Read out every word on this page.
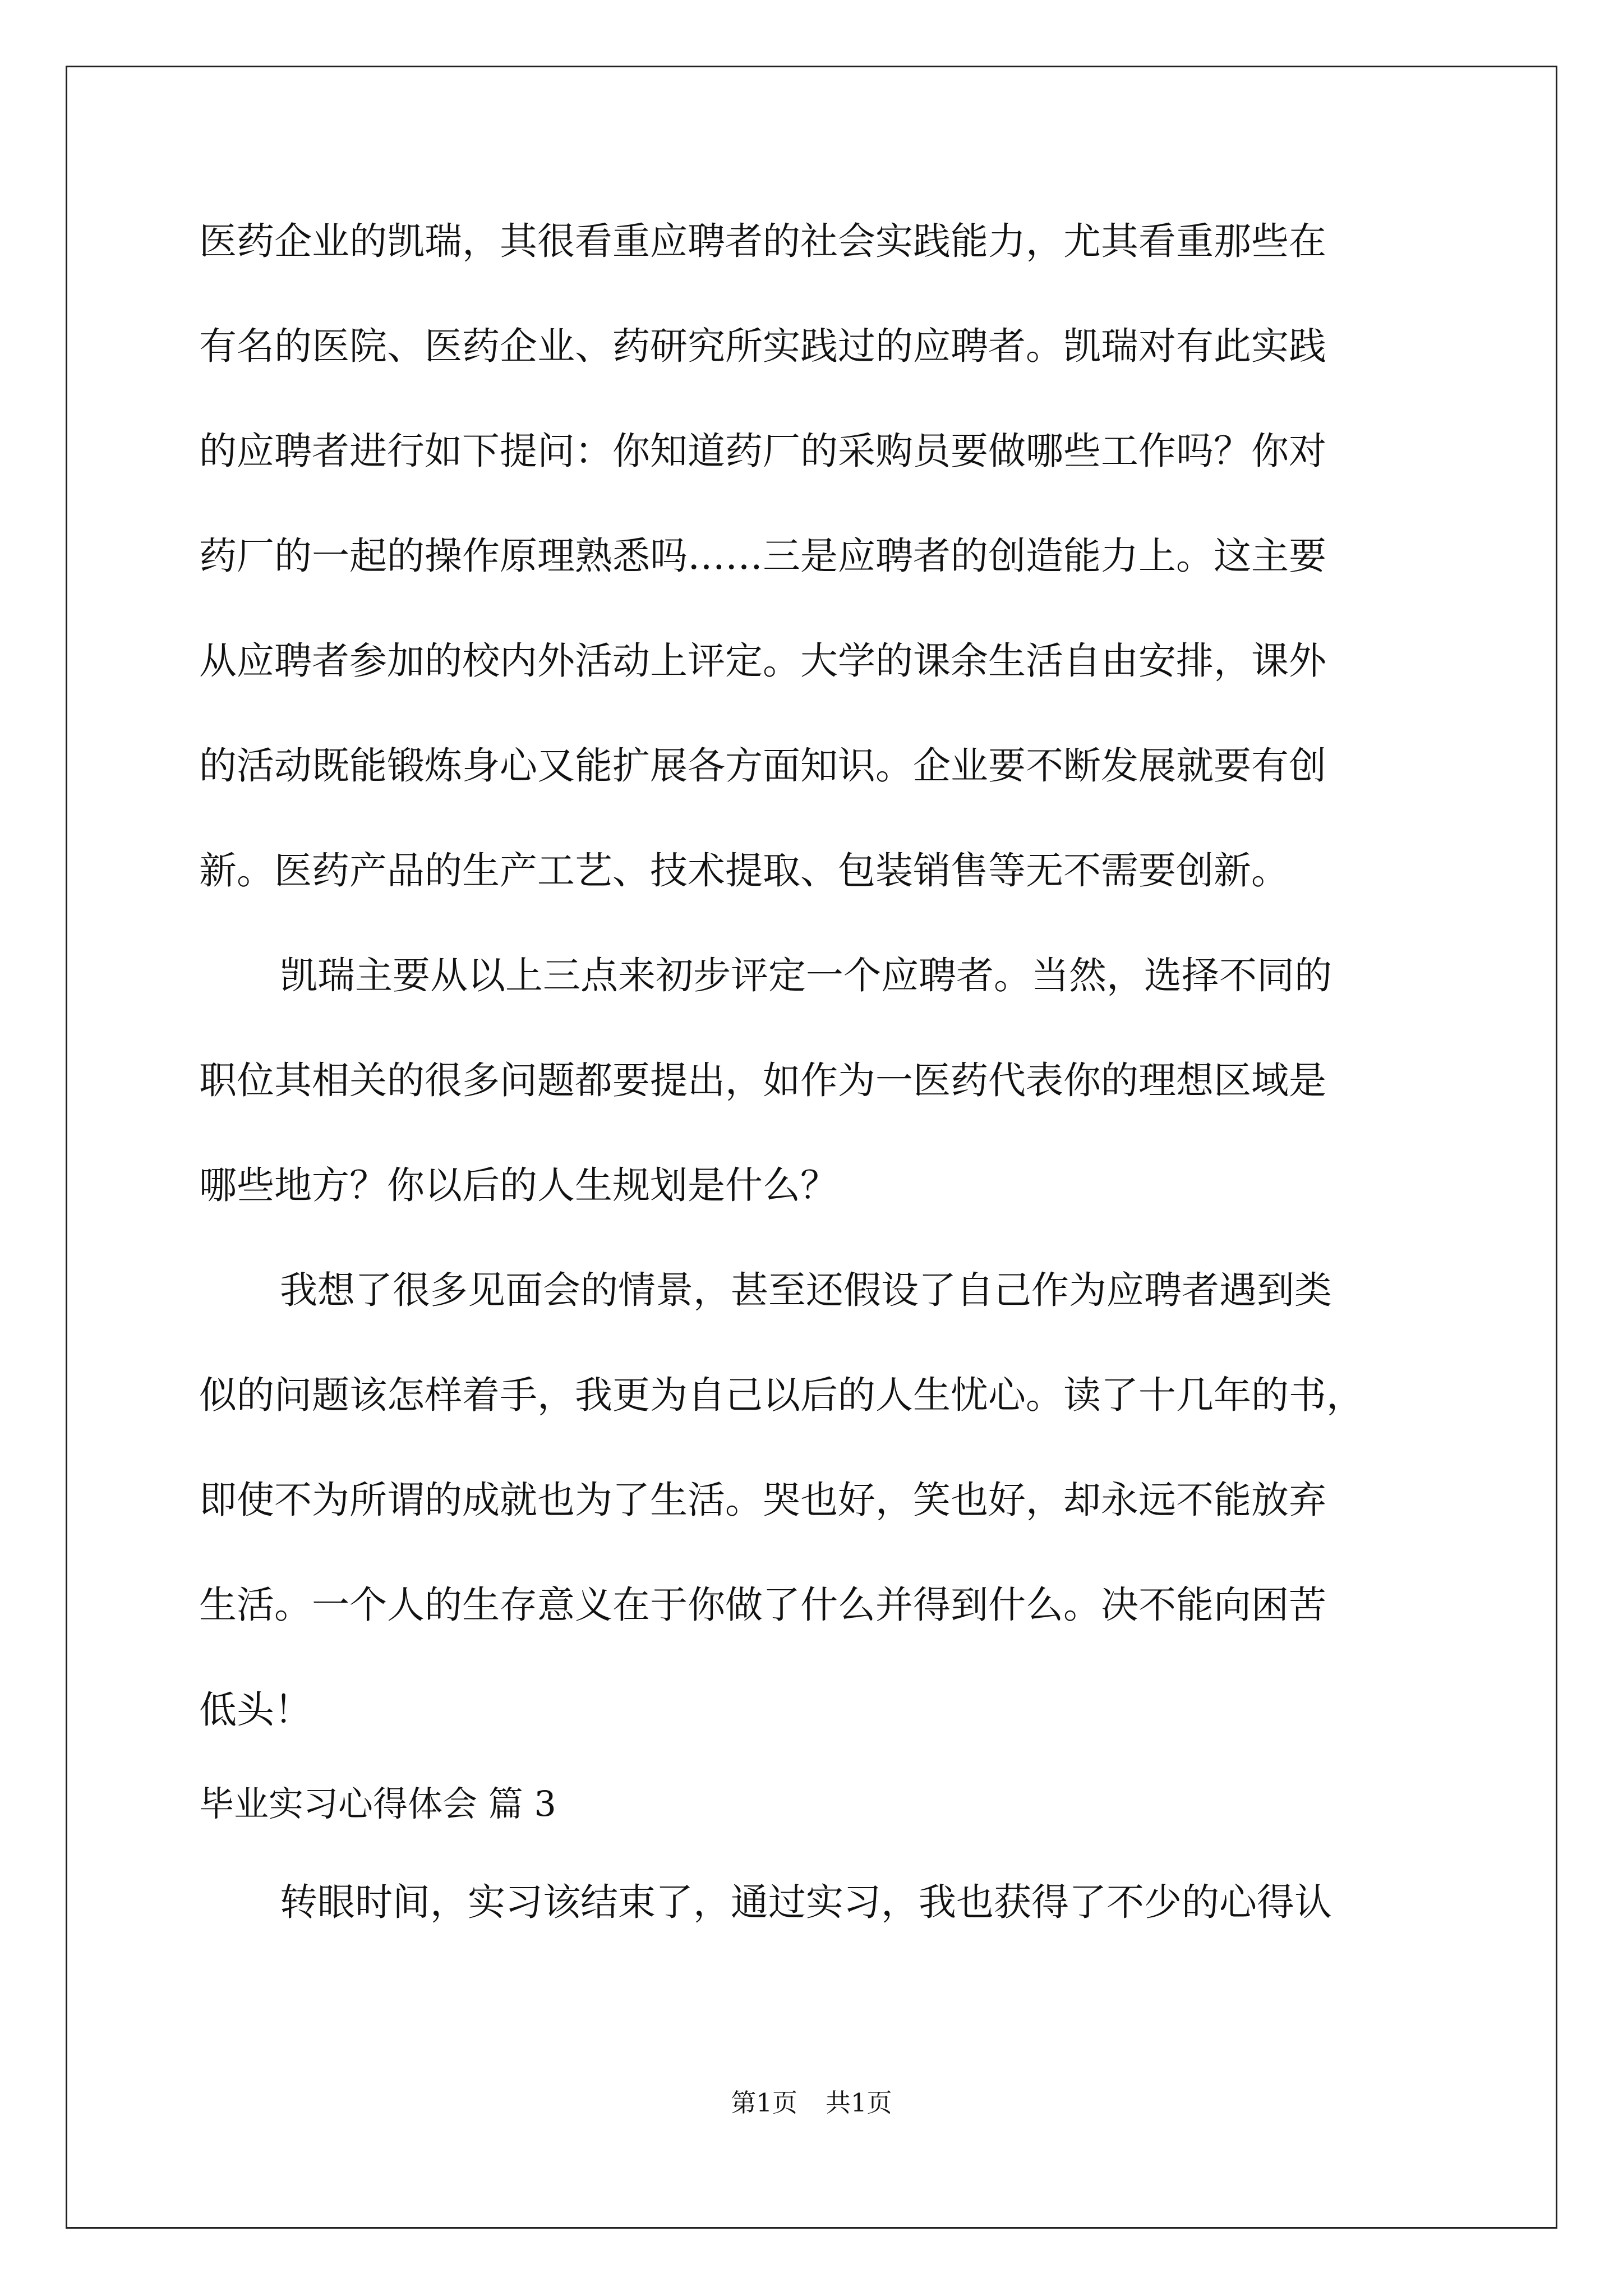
医药企业的凯瑞，其很看重应聘者的社会实践能力，尤其看重那些在
有名的医院、医药企业、药研究所实践过的应聘者。凯瑞对有此实践
的应聘者进行如下提问：你知道药厂的采购员要做哪些工作吗？你对
药厂的一起的操作原理熟悉吗……三是应聘者的创造能力上。这主要
从应聘者参加的校内外活动上评定。大学的课余生活自由安排，课外
的活动既能锻炼身心又能扩展各方面知识。企业要不断发展就要有创
新。医药产品的生产工艺、技术提取、包装销售等无不需要创新。
凯瑞主要从以上三点来初步评定一个应聘者。当然，选择不同的
职位其相关的很多问题都要提出，如作为一医药代表你的理想区域是
哪些地方？你以后的人生规划是什么？
我想了很多见面会的情景，甚至还假设了自己作为应聘者遇到类
似的问题该怎样着手，我更为自己以后的人生忧心。读了十几年的书，
即使不为所谓的成就也为了生活。哭也好，笑也好，却永远不能放弃
生活。一个人的生存意义在于你做了什么并得到什么。决不能向困苦
低头！
毕业实习心得体会 篇 3
转眼时间，实习该结束了，通过实习，我也获得了不少的心得认
第1页 共1页
